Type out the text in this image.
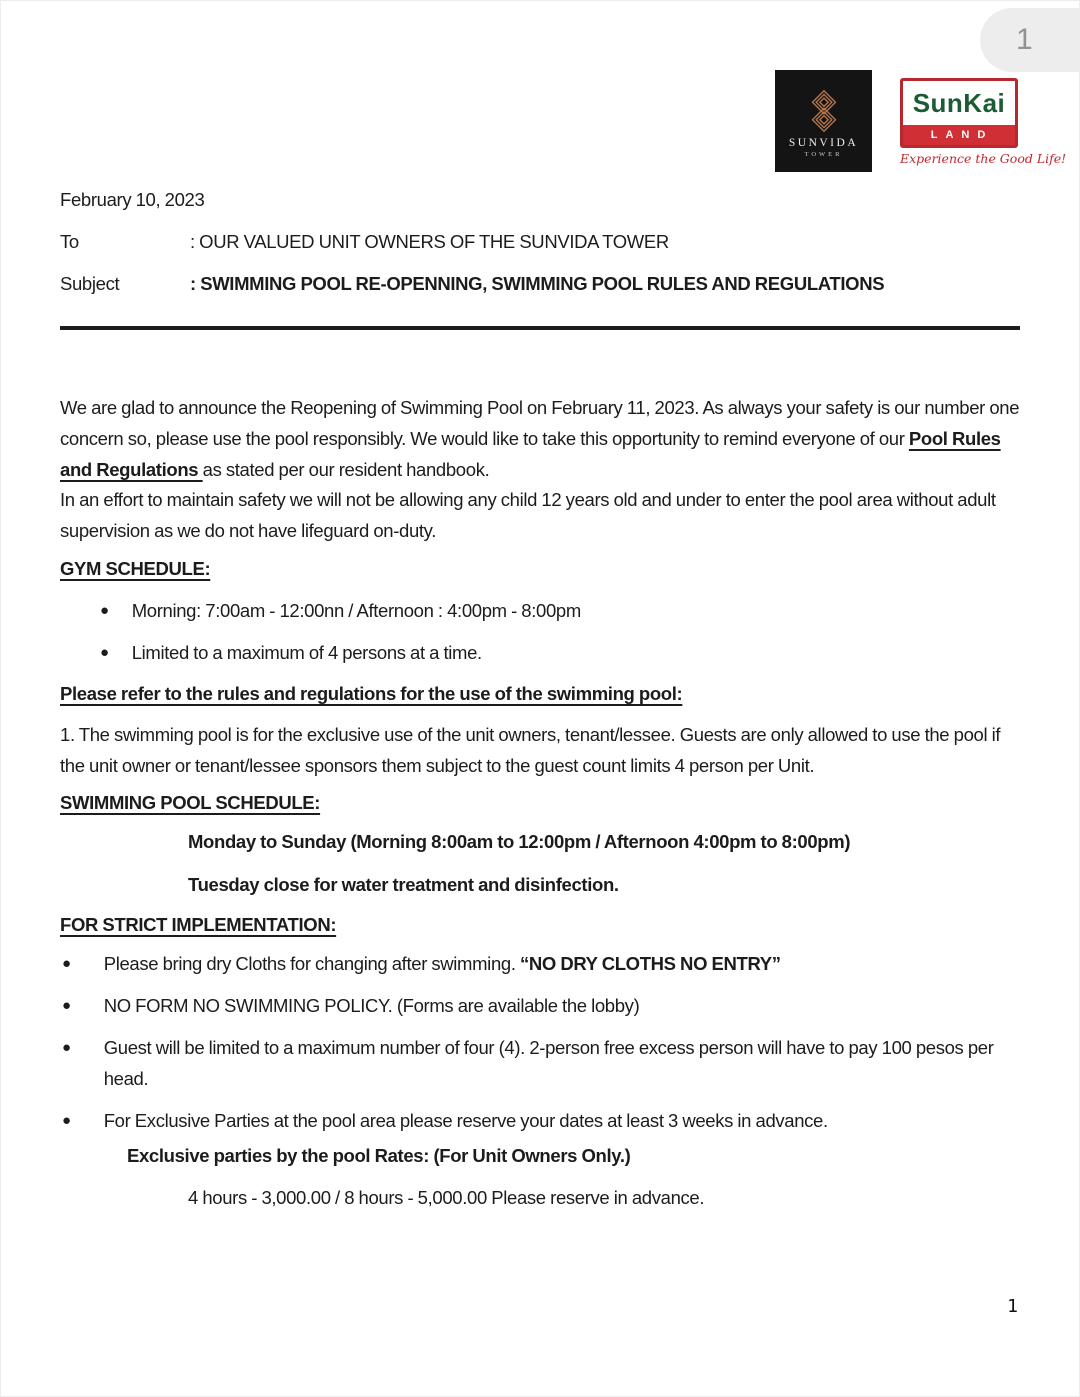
1
SUNVIDA
TOWER
SunKai
LAND
Experience the Good Life!
February 10, 2023
To	: OUR VALUED UNIT OWNERS OF THE SUNVIDA TOWER
Subject	: SWIMMING POOL RE-OPENNING, SWIMMING POOL RULES AND REGULATIONS
We are glad to announce the Reopening of Swimming Pool on February 11, 2023. As always your safety is our number one concern so, please use the pool responsibly. We would like to take this opportunity to remind everyone of our Pool Rules and Regulations as stated per our resident handbook.
In an effort to maintain safety we will not be allowing any child 12 years old and under to enter the pool area without adult supervision as we do not have lifeguard on-duty.
GYM SCHEDULE:
● Morning: 7:00am - 12:00nn / Afternoon : 4:00pm - 8:00pm
● Limited to a maximum of 4 persons at a time.
Please refer to the rules and regulations for the use of the swimming pool:
1. The swimming pool is for the exclusive use of the unit owners, tenant/lessee. Guests are only allowed to use the pool if the unit owner or tenant/lessee sponsors them subject to the guest count limits 4 person per Unit.
SWIMMING POOL SCHEDULE:
Monday to Sunday (Morning 8:00am to 12:00pm / Afternoon 4:00pm to 8:00pm)
Tuesday close for water treatment and disinfection.
FOR STRICT IMPLEMENTATION:
● Please bring dry Cloths for changing after swimming. “NO DRY CLOTHS NO ENTRY”
● NO FORM NO SWIMMING POLICY. (Forms are available the lobby)
● Guest will be limited to a maximum number of four (4). 2-person free excess person will have to pay 100 pesos per head.
● For Exclusive Parties at the pool area please reserve your dates at least 3 weeks in advance.
Exclusive parties by the pool Rates: (For Unit Owners Only.)
4 hours - 3,000.00 / 8 hours - 5,000.00 Please reserve in advance.
1
